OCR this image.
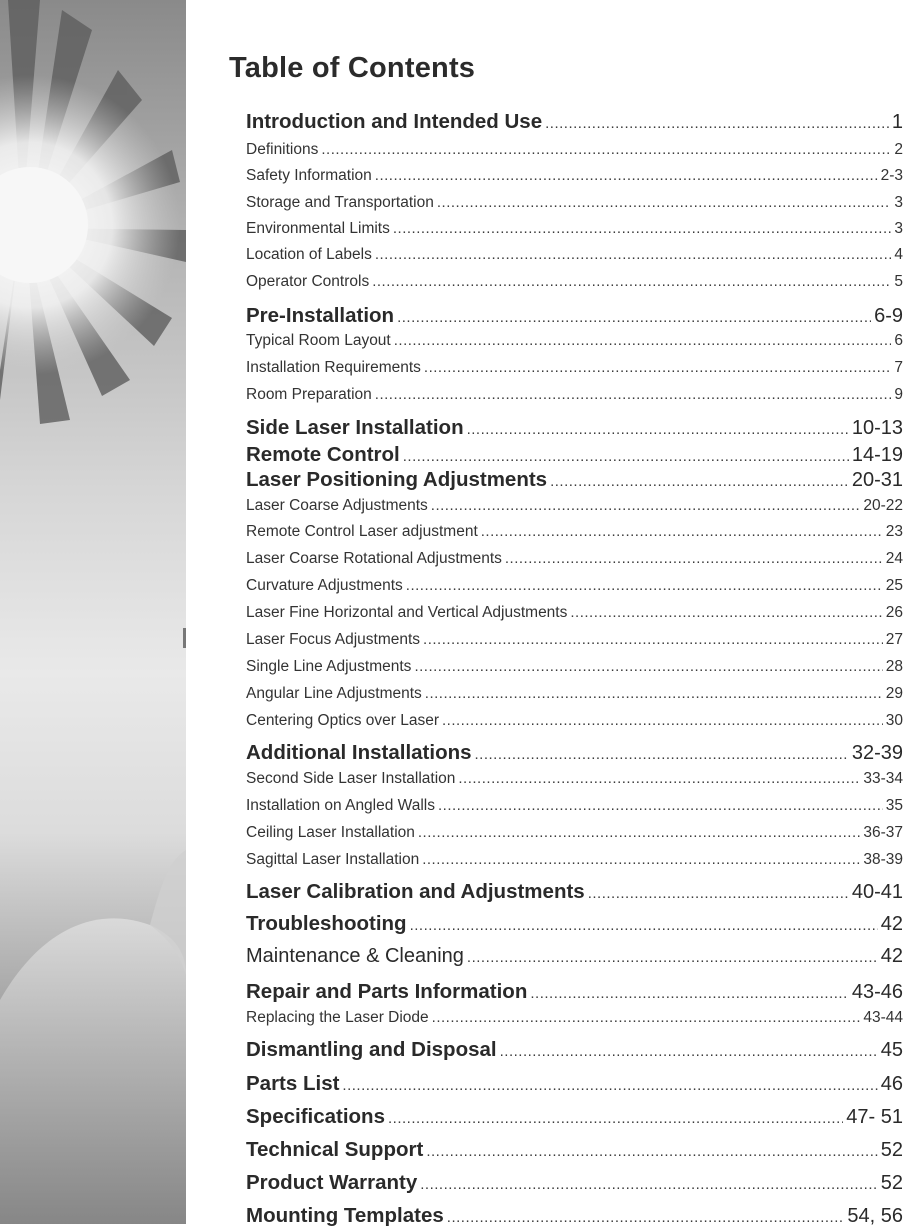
Table of Contents
Introduction and Intended Use .....	1
Definitions .....	2
Safety Information .....	2-3
Storage and Transportation .....	3
Environmental Limits .....	3
Location of Labels .....	4
Operator Controls .....	5
Pre-Installation .....	6-9
Typical Room Layout .....	6
Installation Requirements .....	7
Room Preparation .....	9
Side Laser Installation .....	10-13
Remote Control .....	14-19
Laser Positioning Adjustments .....	20-31
Laser Coarse Adjustments .....	20-22
Remote Control Laser adjustment .....	23
Laser Coarse Rotational Adjustments .....	24
Curvature Adjustments .....	25
Laser Fine Horizontal and Vertical Adjustments .....	26
Laser Focus Adjustments .....	27
Single Line Adjustments .....	28
Angular Line Adjustments .....	29
Centering Optics over Laser .....	30
Additional Installations .....	32-39
Second Side Laser Installation .....	33-34
Installation on Angled Walls .....	35
Ceiling Laser Installation .....	36-37
Sagittal Laser Installation .....	38-39
Laser Calibration and Adjustments .....	40-41
Troubleshooting .....	42
Maintenance & Cleaning .....	42
Repair and Parts Information .....	43-46
Replacing the Laser Diode .....	43-44
Dismantling and Disposal .....	45
Parts List .....	46
Specifications .....	47- 51
Technical Support .....	52
Product Warranty .....	52
Mounting Templates .....	54, 56
